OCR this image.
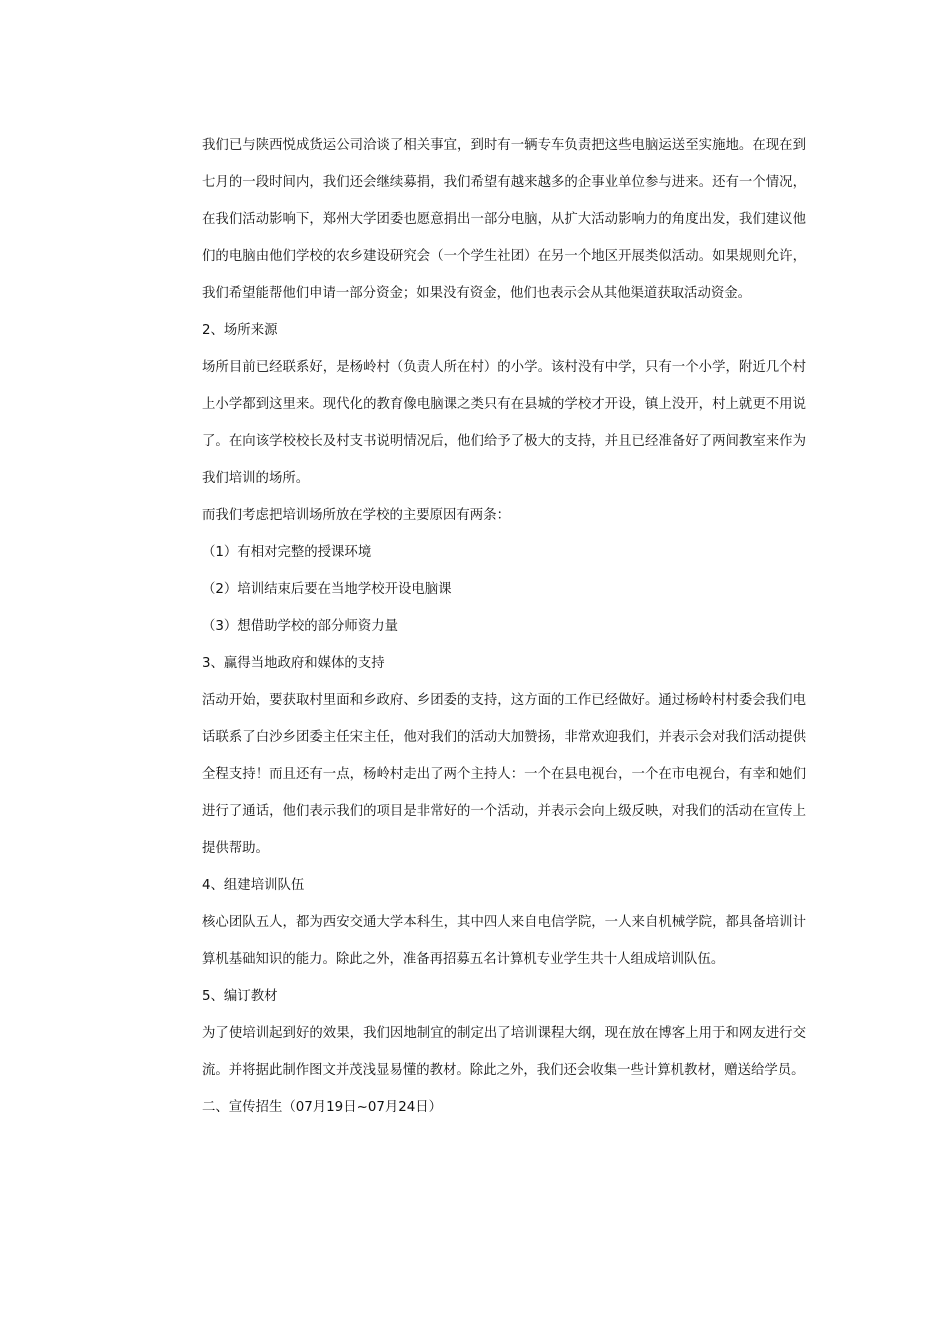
我们已与陕西悦成货运公司洽谈了相关事宜，到时有一辆专车负责把这些电脑运送至实施地。在现在到七月的一段时间内，我们还会继续募捐，我们希望有越来越多的企事业单位参与进来。还有一个情况，在我们活动影响下，郑州大学团委也愿意捐出一部分电脑，从扩大活动影响力的角度出发，我们建议他们的电脑由他们学校的农乡建设研究会（一个学生社团）在另一个地区开展类似活动。如果规则允许，我们希望能帮他们申请一部分资金；如果没有资金，他们也表示会从其他渠道获取活动资金。

2、场所来源

场所目前已经联系好，是杨岭村（负责人所在村）的小学。该村没有中学，只有一个小学，附近几个村上小学都到这里来。现代化的教育像电脑课之类只有在县城的学校才开设，镇上没开，村上就更不用说了。在向该学校校长及村支书说明情况后，他们给予了极大的支持，并且已经准备好了两间教室来作为我们培训的场所。

而我们考虑把培训场所放在学校的主要原因有两条：

（1）有相对完整的授课环境

（2）培训结束后要在当地学校开设电脑课

（3）想借助学校的部分师资力量

3、赢得当地政府和媒体的支持

活动开始，要获取村里面和乡政府、乡团委的支持，这方面的工作已经做好。通过杨岭村村委会我们电话联系了白沙乡团委主任宋主任，他对我们的活动大加赞扬，非常欢迎我们，并表示会对我们活动提供全程支持！而且还有一点，杨岭村走出了两个主持人：一个在县电视台，一个在市电视台，有幸和她们进行了通话，他们表示我们的项目是非常好的一个活动，并表示会向上级反映，对我们的活动在宣传上提供帮助。

4、组建培训队伍

核心团队五人，都为西安交通大学本科生，其中四人来自电信学院，一人来自机械学院，都具备培训计算机基础知识的能力。除此之外，准备再招募五名计算机专业学生共十人组成培训队伍。

5、编订教材

为了使培训起到好的效果，我们因地制宜的制定出了培训课程大纲，现在放在博客上用于和网友进行交流。并将据此制作图文并茂浅显易懂的教材。除此之外，我们还会收集一些计算机教材，赠送给学员。

二、宣传招生（07月19日~07月24日）
